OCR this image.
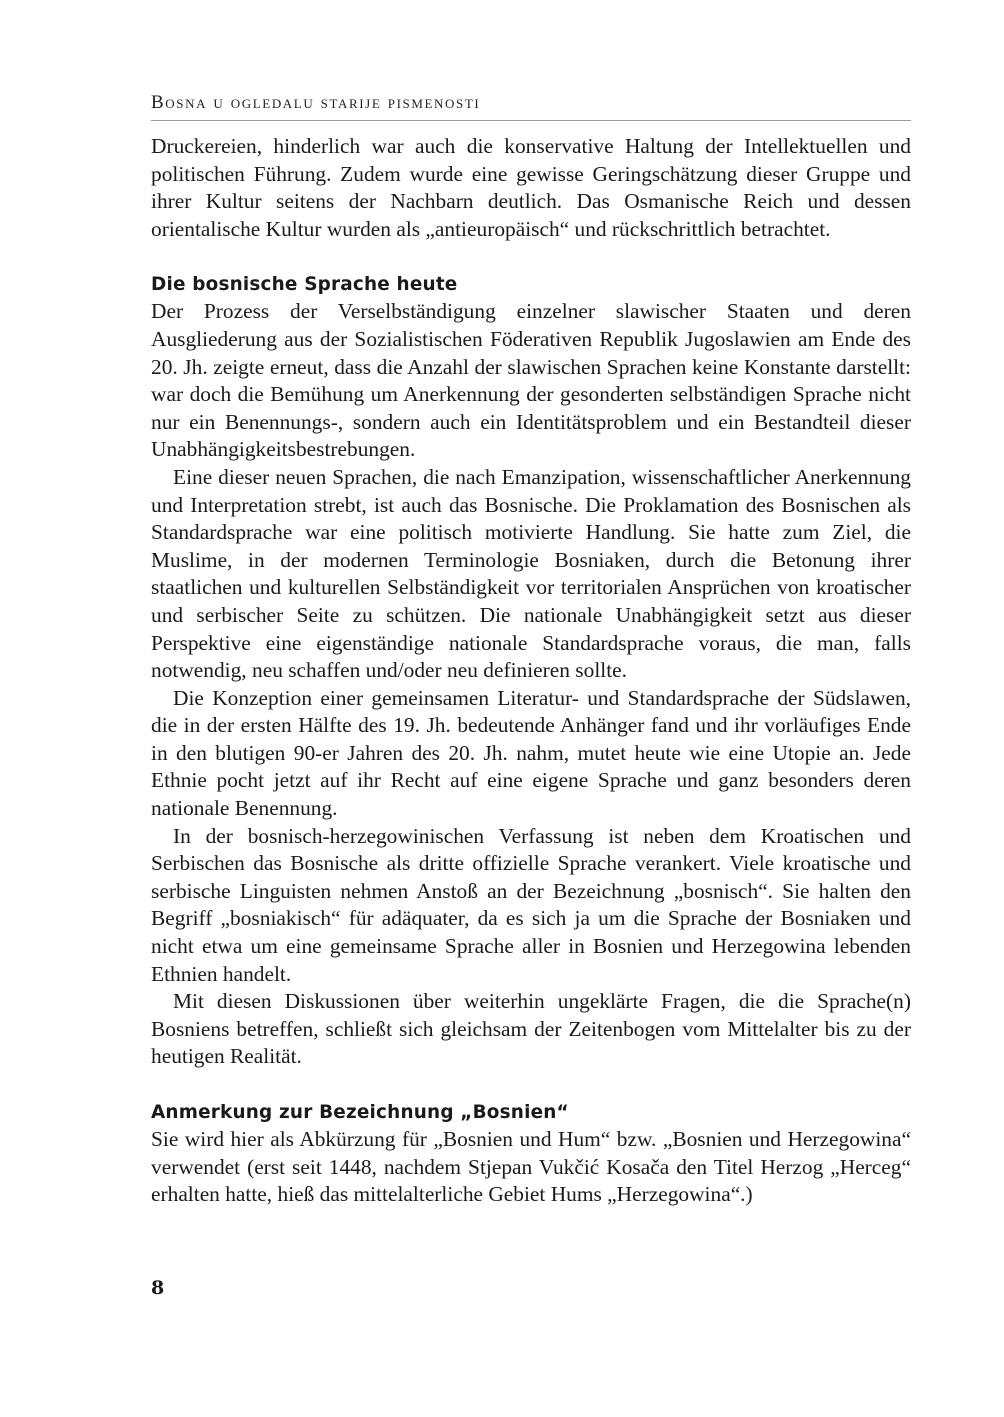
Bosna u ogledalu starije pismenosti

Druckereien, hinderlich war auch die konservative Haltung der Intellektuellen und politischen Führung. Zudem wurde eine gewisse Geringschätzung dieser Gruppe und ihrer Kultur seitens der Nachbarn deutlich. Das Osmanische Reich und dessen orientalische Kultur wurden als „antieuropäisch“ und rückschrittlich betrachtet.

Die bosnische Sprache heute

Der Prozess der Verselbständigung einzelner slawischer Staaten und deren Ausgliederung aus der Sozialistischen Föderativen Republik Jugoslawien am Ende des 20. Jh. zeigte erneut, dass die Anzahl der slawischen Sprachen keine Konstante darstellt: war doch die Bemühung um Anerkennung der gesonderten selbständigen Sprache nicht nur ein Benennungs-, sondern auch ein Identitätsproblem und ein Bestandteil dieser Unabhängigkeitsbestrebungen.

Eine dieser neuen Sprachen, die nach Emanzipation, wissenschaftlicher Anerkennung und Interpretation strebt, ist auch das Bosnische. Die Proklamation des Bosnischen als Standardsprache war eine politisch motivierte Handlung. Sie hatte zum Ziel, die Muslime, in der modernen Terminologie Bosniaken, durch die Betonung ihrer staatlichen und kulturellen Selbständigkeit vor territorialen Ansprüchen von kroatischer und serbischer Seite zu schützen. Die nationale Unabhängigkeit setzt aus dieser Perspektive eine eigenständige nationale Standardsprache voraus, die man, falls notwendig, neu schaffen und/oder neu definieren sollte.

Die Konzeption einer gemeinsamen Literatur- und Standardsprache der Südslawen, die in der ersten Hälfte des 19. Jh. bedeutende Anhänger fand und ihr vorläufiges Ende in den blutigen 90-er Jahren des 20. Jh. nahm, mutet heute wie eine Utopie an. Jede Ethnie pocht jetzt auf ihr Recht auf eine eigene Sprache und ganz besonders deren nationale Benennung.

In der bosnisch-herzegowinischen Verfassung ist neben dem Kroatischen und Serbischen das Bosnische als dritte offizielle Sprache verankert. Viele kroatische und serbische Linguisten nehmen Anstoß an der Bezeichnung „bosnisch“. Sie halten den Begriff „bosniakisch“ für adäquater, da es sich ja um die Sprache der Bosniaken und nicht etwa um eine gemeinsame Sprache aller in Bosnien und Herzegowina lebenden Ethnien handelt.

Mit diesen Diskussionen über weiterhin ungeklärte Fragen, die die Sprache(n) Bosniens betreffen, schließt sich gleichsam der Zeitenbogen vom Mittelalter bis zu der heutigen Realität.

Anmerkung zur Bezeichnung „Bosnien“

Sie wird hier als Abkürzung für „Bosnien und Hum“ bzw. „Bosnien und Herzegowina“ verwendet (erst seit 1448, nachdem Stjepan Vukčić Kosača den Titel Herzog „Herceg“ erhalten hatte, hieß das mittelalterliche Gebiet Hums „Herzegowina“.)

8
